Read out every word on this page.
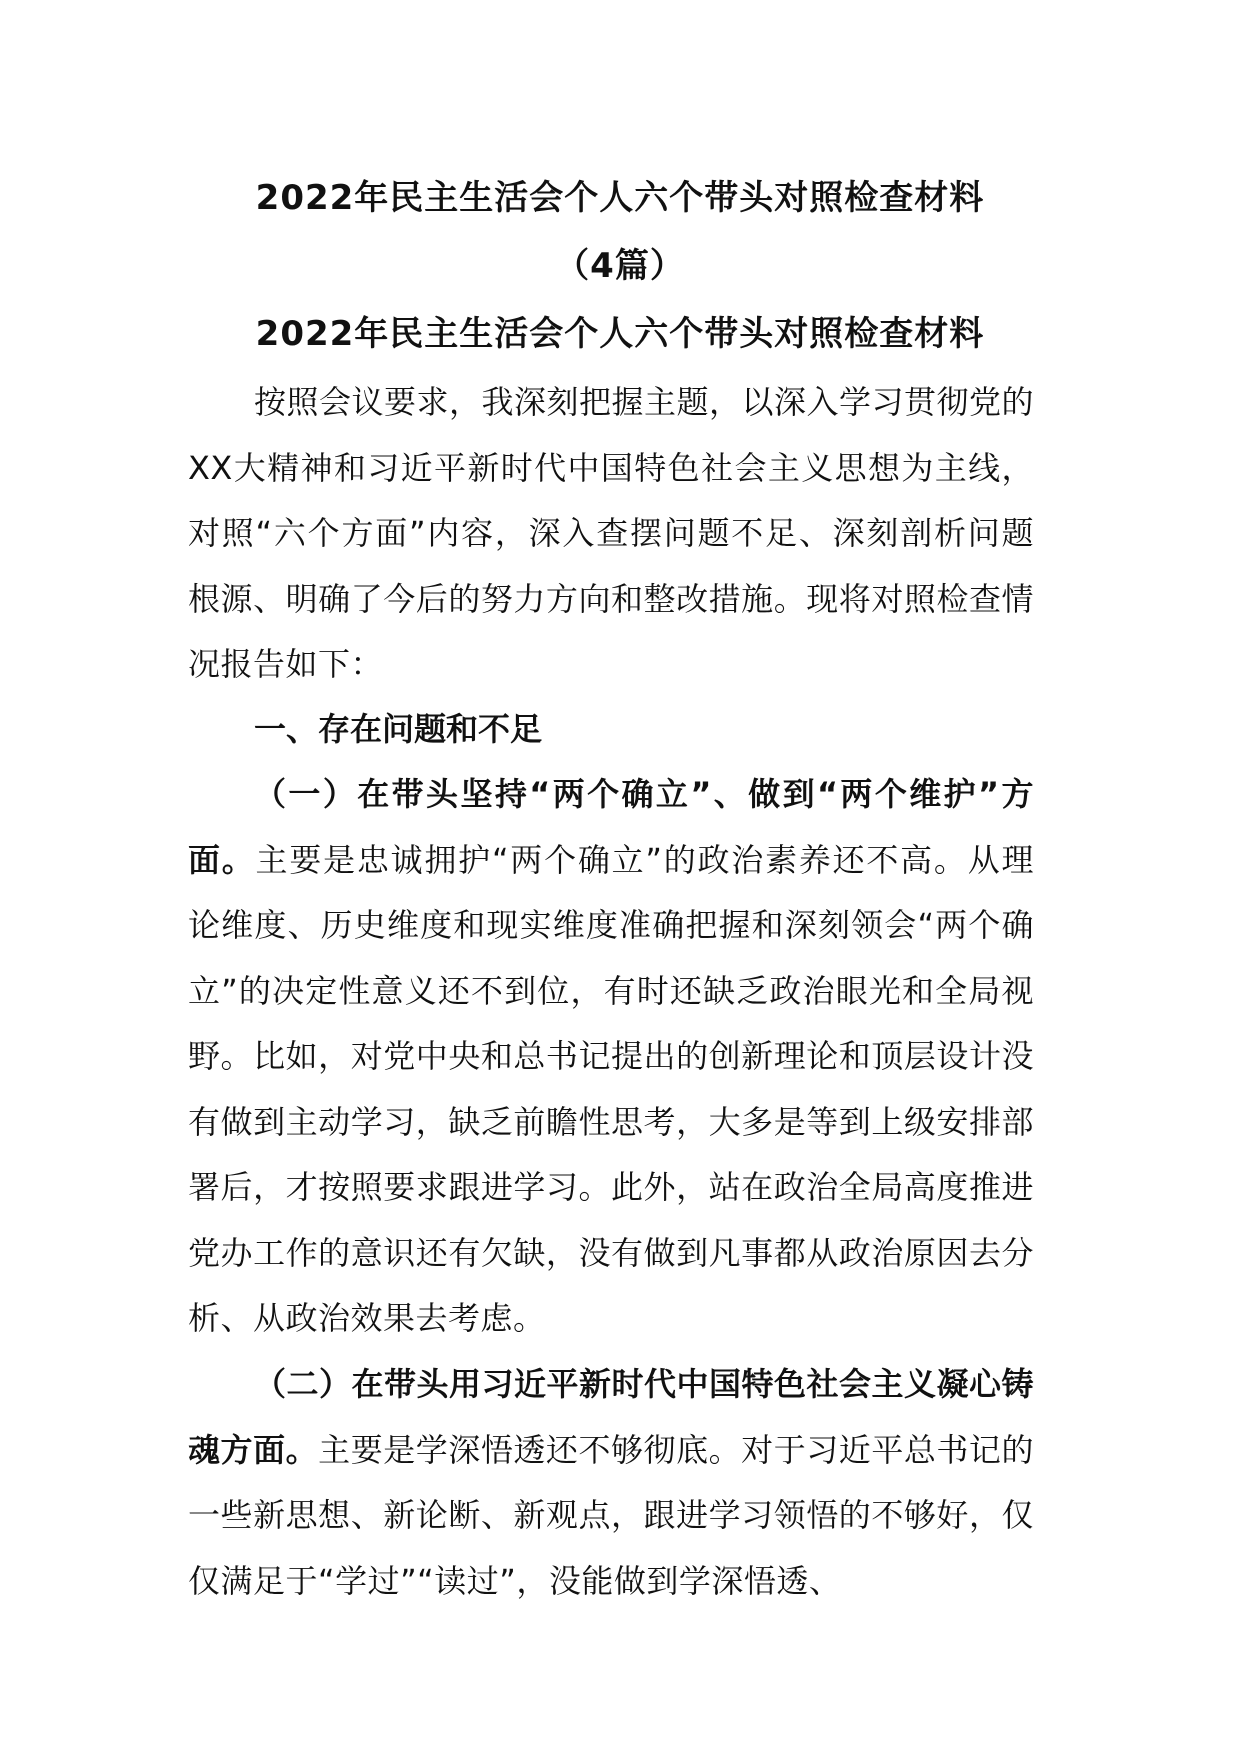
2022年民主生活会个人六个带头对照检查材料
（4篇）
2022年民主生活会个人六个带头对照检查材料

按照会议要求，我深刻把握主题，以深入学习贯彻党的XX大精神和习近平新时代中国特色社会主义思想为主线，对照“六个方面”内容，深入查摆问题不足、深刻剖析问题根源、明确了今后的努力方向和整改措施。现将对照检查情况报告如下：

一、存在问题和不足

（一）在带头坚持“两个确立”、做到“两个维护”方面。主要是忠诚拥护“两个确立”的政治素养还不高。从理论维度、历史维度和现实维度准确把握和深刻领会“两个确立”的决定性意义还不到位，有时还缺乏政治眼光和全局视野。比如，对党中央和总书记提出的创新理论和顶层设计没有做到主动学习，缺乏前瞻性思考，大多是等到上级安排部署后，才按照要求跟进学习。此外，站在政治全局高度推进党办工作的意识还有欠缺，没有做到凡事都从政治原因去分析、从政治效果去考虑。

（二）在带头用习近平新时代中国特色社会主义凝心铸魂方面。主要是学深悟透还不够彻底。对于习近平总书记的一些新思想、新论断、新观点，跟进学习领悟的不够好，仅仅满足于“学过”“读过”，没能做到学深悟透、
